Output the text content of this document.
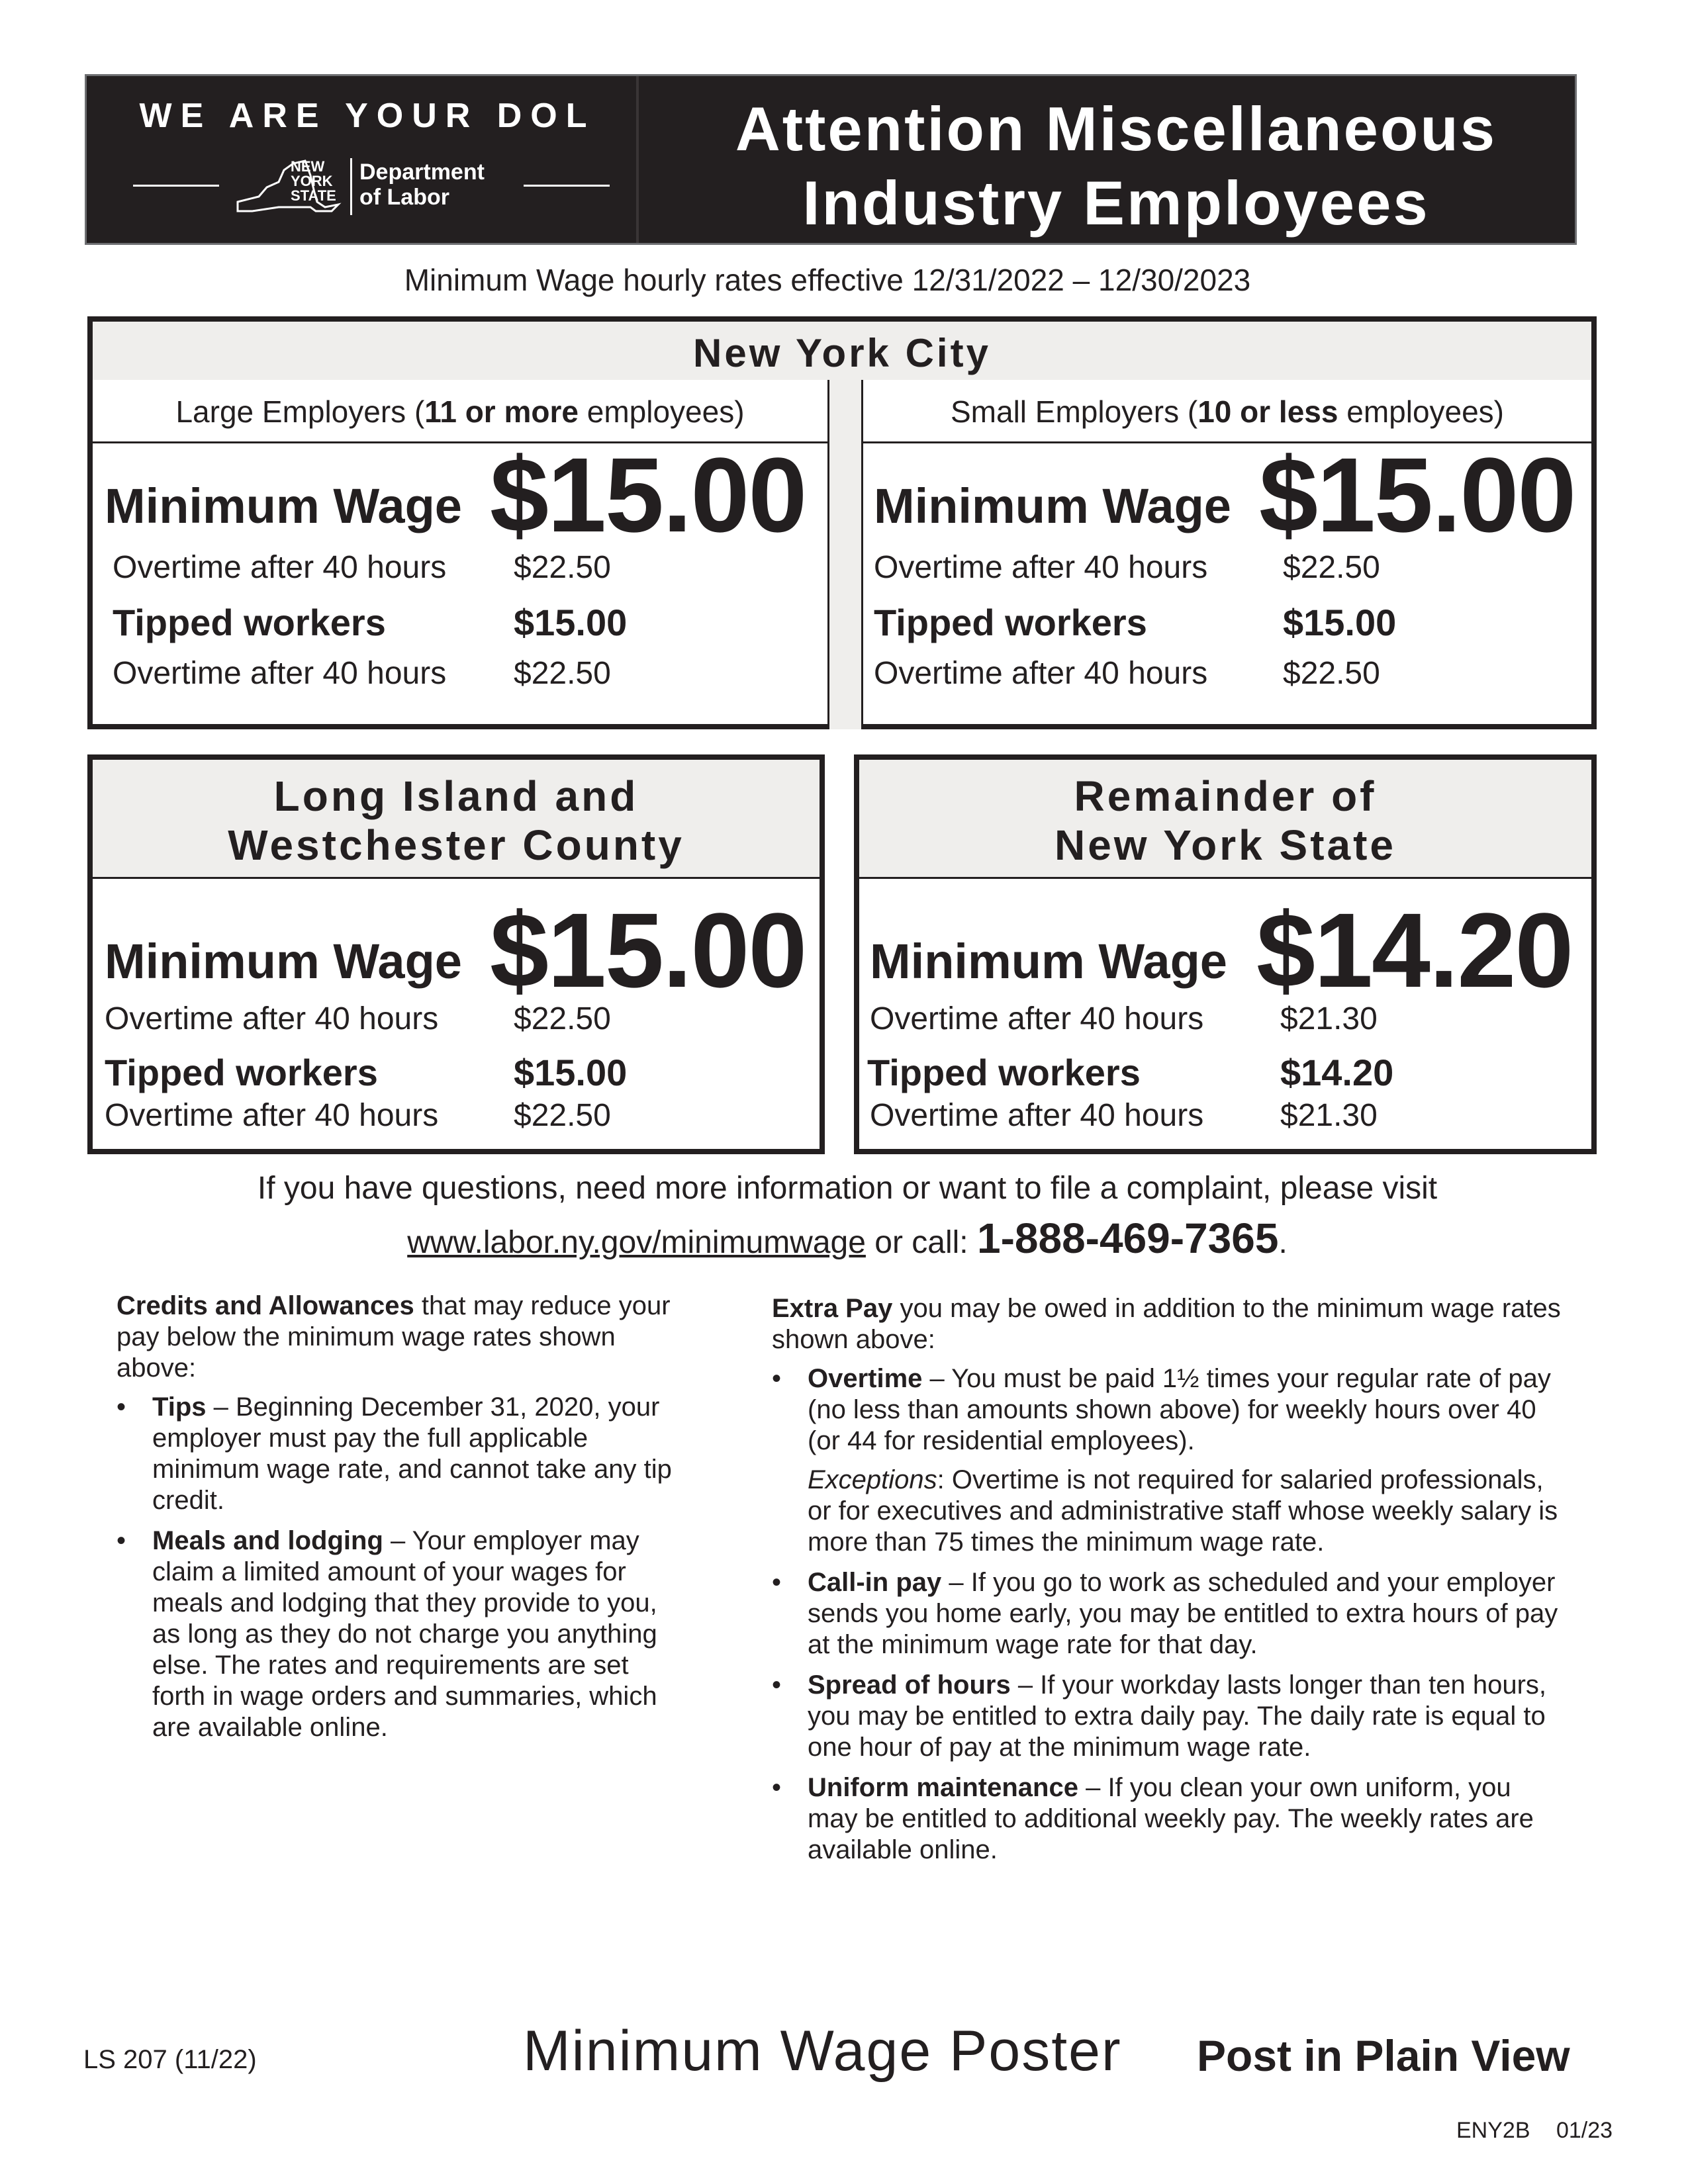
WE ARE YOUR DOL
NEW
YORK
STATE
Department
of Labor
Attention Miscellaneous
Industry Employees
Minimum Wage hourly rates effective 12/31/2022 – 12/30/2023
New York City
Large Employers (11 or more employees)
Minimum Wage $15.00
Overtime after 40 hours $22.50
Tipped workers	$15.00
Overtime after 40 hours $22.50
Small Employers (10 or less employees)
Minimum Wage $15.00
Overtime after 40 hours $22.50
Tipped workers	$15.00
Overtime after 40 hours $22.50
Long Island and
Westchester County
Minimum Wage $15.00
Overtime after 40 hours $22.50
Tipped workers	$15.00
Overtime after 40 hours $22.50
Remainder of
New York State
Minimum Wage $14.20
Overtime after 40 hours $21.30
Tipped workers	$14.20
Overtime after 40 hours $21.30
If you have questions, need more information or want to file a complaint, please visit
www.labor.ny.gov/minimumwage or call: 1-888-469-7365.

Credits and Allowances that may reduce your pay below the minimum wage rates shown above:

• Tips – Beginning December 31, 2020, your employer must pay the full applicable minimum wage rate, and cannot take any tip credit.
• Meals and lodging – Your employer may claim a limited amount of your wages for meals and lodging that they provide to you, as long as they do not charge you anything else. The rates and requirements are set forth in wage orders and summaries, which are available online.

Extra Pay you may be owed in addition to the minimum wage rates shown above:

• Overtime – You must be paid 1½ times your regular rate of pay (no less than amounts shown above) for weekly hours over 40 (or 44 for residential employees).

Exceptions: Overtime is not required for salaried professionals, or for executives and administrative staff whose weekly salary is more than 75 times the minimum wage rate.

• Call-in pay – If you go to work as scheduled and your employer sends you home early, you may be entitled to extra hours of pay at the minimum wage rate for that day.
• Spread of hours – If your workday lasts longer than ten hours, you may be entitled to extra daily pay. The daily rate is equal to one hour of pay at the minimum wage rate.
• Uniform maintenance – If you clean your own uniform, you may be entitled to additional weekly pay. The weekly rates are available online.
LS 207 (11/22)	Minimum Wage Poster Post in Plain View
ENY2B 01/23
